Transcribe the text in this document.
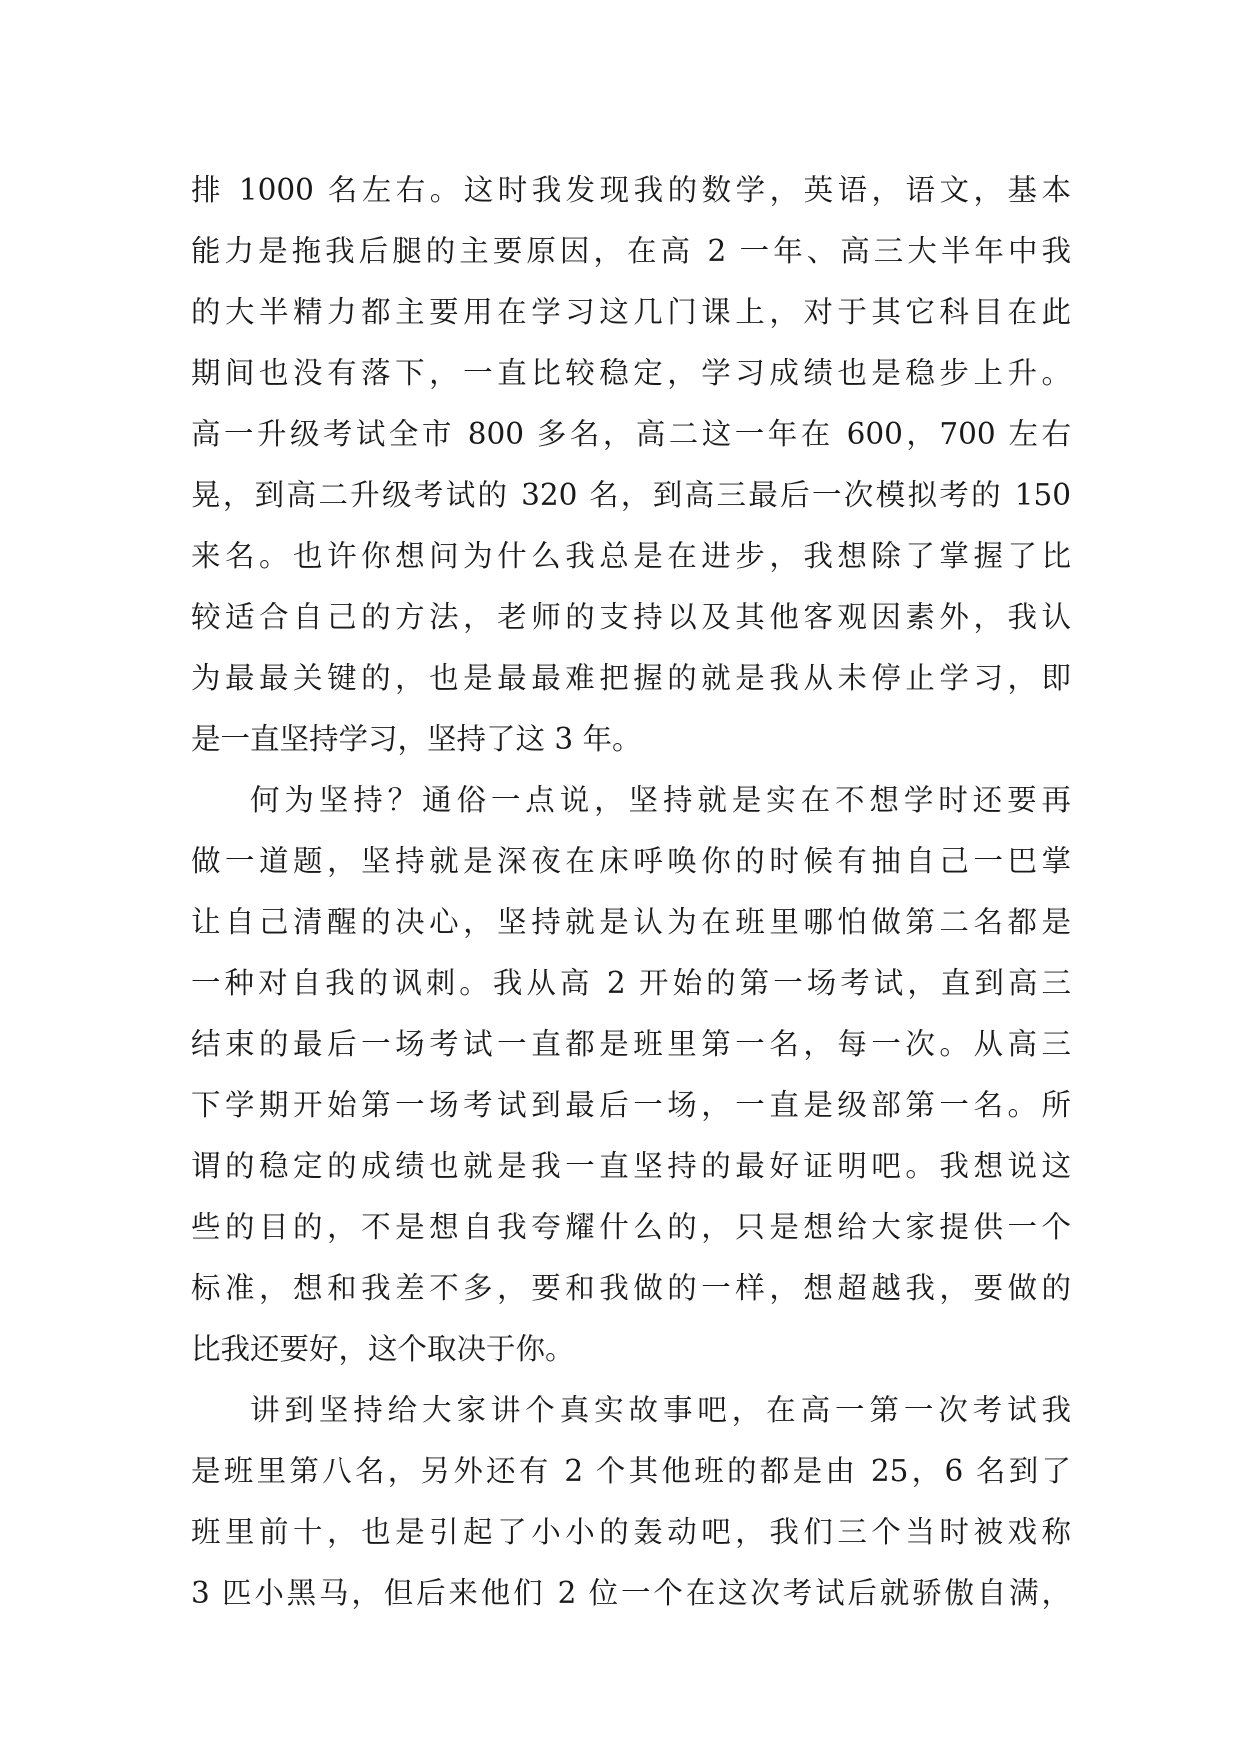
排 1000 名左右。这时我发现我的数学，英语，语文，基本
能力是拖我后腿的主要原因，在高 2 一年、高三大半年中我
的大半精力都主要用在学习这几门课上，对于其它科目在此
期间也没有落下，一直比较稳定，学习成绩也是稳步上升。
高一升级考试全市 800 多名，高二这一年在 600，700 左右
晃，到高二升级考试的 320 名，到高三最后一次模拟考的 150
来名。也许你想问为什么我总是在进步，我想除了掌握了比
较适合自己的方法，老师的支持以及其他客观因素外，我认
为最最关键的，也是最最难把握的就是我从未停止学习，即
是一直坚持学习，坚持了这 3 年。
何为坚持？通俗一点说，坚持就是实在不想学时还要再
做一道题，坚持就是深夜在床呼唤你的时候有抽自己一巴掌
让自己清醒的决心，坚持就是认为在班里哪怕做第二名都是
一种对自我的讽刺。我从高 2 开始的第一场考试，直到高三
结束的最后一场考试一直都是班里第一名，每一次。从高三
下学期开始第一场考试到最后一场，一直是级部第一名。所
谓的稳定的成绩也就是我一直坚持的最好证明吧。我想说这
些的目的，不是想自我夸耀什么的，只是想给大家提供一个
标准，想和我差不多，要和我做的一样，想超越我，要做的
比我还要好，这个取决于你。
讲到坚持给大家讲个真实故事吧，在高一第一次考试我
是班里第八名，另外还有 2 个其他班的都是由 25，6 名到了
班里前十，也是引起了小小的轰动吧，我们三个当时被戏称
3 匹小黑马，但后来他们 2 位一个在这次考试后就骄傲自满，
